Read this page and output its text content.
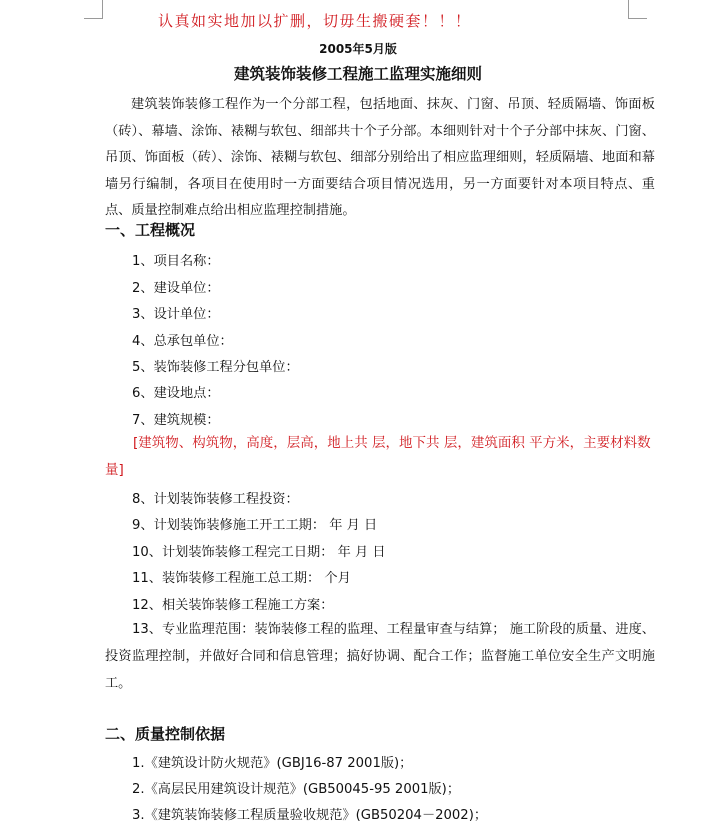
认真如实地加以扩删，切毋生搬硬套！！！
2005年5月版
建筑装饰装修工程施工监理实施细则
建筑装饰装修工程作为一个分部工程，包括地面、抹灰、门窗、吊顶、轻质隔墙、饰面板（砖）、幕墙、涂饰、裱糊与软包、细部共十个子分部。本细则针对十个子分部中抹灰、门窗、吊顶、饰面板（砖）、涂饰、裱糊与软包、细部分别给出了相应监理细则，轻质隔墙、地面和幕墙另行编制，各项目在使用时一方面要结合项目情况选用，另一方面要针对本项目特点、重点、质量控制难点给出相应监理控制措施。
一、工程概况
1、项目名称：
2、建设单位：
3、设计单位：
4、总承包单位：
5、装饰装修工程分包单位：
6、建设地点：
7、建筑规模：
[建筑物、构筑物，高度，层高，地上共 层，地下共 层，建筑面积 平方米，主要材料数量]
8、计划装饰装修工程投资：
9、计划装饰装修施工开工工期： 年 月 日
10、计划装饰装修工程完工日期： 年 月 日
11、装饰装修工程施工总工期： 个月
12、相关装饰装修工程施工方案：
13、专业监理范围：装饰装修工程的监理、工程量审查与结算； 施工阶段的质量、进度、投资监理控制，并做好合同和信息管理；搞好协调、配合工作；监督施工单位安全生产文明施工。
二、质量控制依据
1.《建筑设计防火规范》(GBJ16-87 2001版)；
2.《高层民用建筑设计规范》(GB50045-95 2001版)；
3.《建筑装饰装修工程质量验收规范》(GB50204－2002)；
